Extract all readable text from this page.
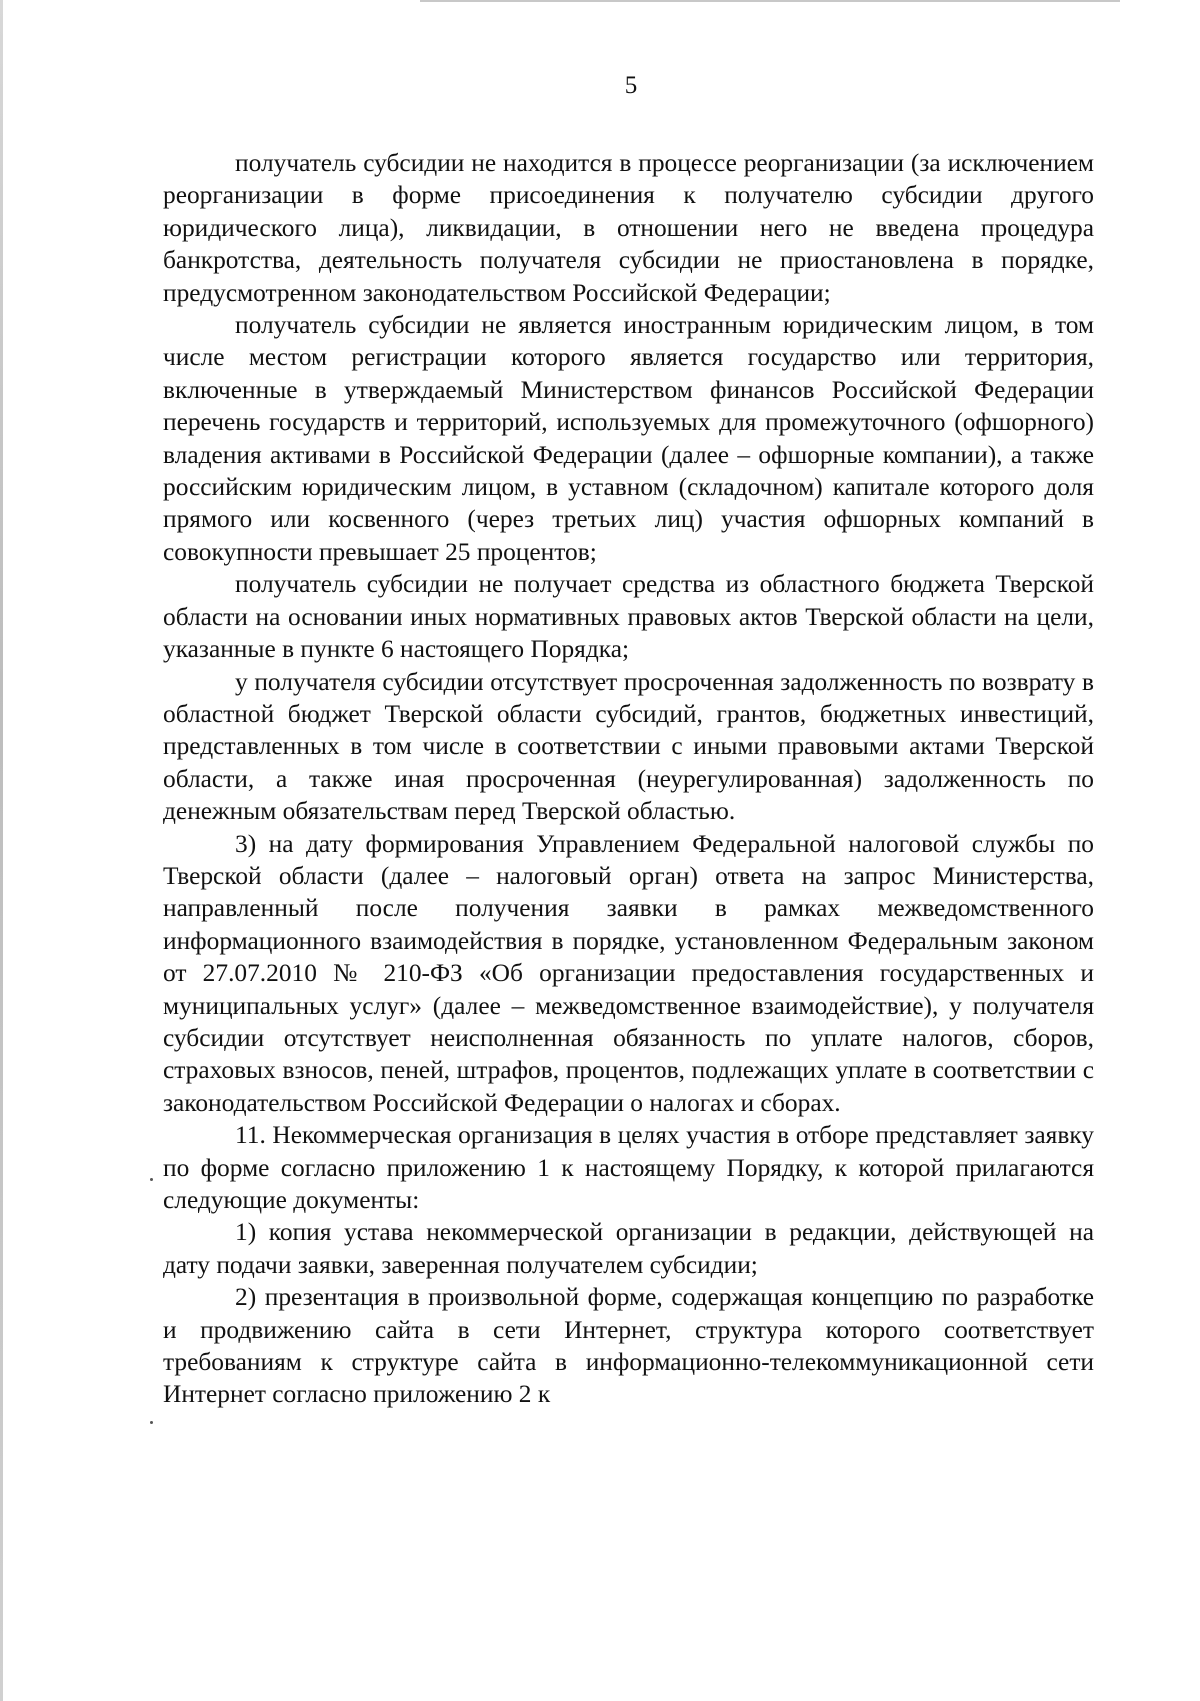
5

получатель субсидии не находится в процессе реорганизации (за исключением реорганизации в форме присоединения к получателю субсидии другого юридического лица), ликвидации, в отношении него не введена процедура банкротства, деятельность получателя субсидии не приостановлена в порядке, предусмотренном законодательством Российской Федерации;

получатель субсидии не является иностранным юридическим лицом, в том числе местом регистрации которого является государство или территория, включенные в утверждаемый Министерством финансов Российской Федерации перечень государств и территорий, используемых для промежуточного (офшорного) владения активами в Российской Федерации (далее – офшорные компании), а также российским юридическим лицом, в уставном (складочном) капитале которого доля прямого или косвенного (через третьих лиц) участия офшорных компаний в совокупности превышает 25 процентов;

получатель субсидии не получает средства из областного бюджета Тверской области на основании иных нормативных правовых актов Тверской области на цели, указанные в пункте 6 настоящего Порядка;

у получателя субсидии отсутствует просроченная задолженность по возврату в областной бюджет Тверской области субсидий, грантов, бюджетных инвестиций, представленных в том числе в соответствии с иными правовыми актами Тверской области, а также иная просроченная (неурегулированная) задолженность по денежным обязательствам перед Тверской областью.

3) на дату формирования Управлением Федеральной налоговой службы по Тверской области (далее – налоговый орган) ответа на запрос Министерства, направленный после получения заявки в рамках межведомственного информационного взаимодействия в порядке, установленном Федеральным законом от 27.07.2010 № 210-ФЗ «Об организации предоставления государственных и муниципальных услуг» (далее – межведомственное взаимодействие), у получателя субсидии отсутствует неисполненная обязанность по уплате налогов, сборов, страховых взносов, пеней, штрафов, процентов, подлежащих уплате в соответствии с законодательством Российской Федерации о налогах и сборах.

11. Некоммерческая организация в целях участия в отборе представляет заявку по форме согласно приложению 1 к настоящему Порядку, к которой прилагаются следующие документы:

1) копия устава некоммерческой организации в редакции, действующей на дату подачи заявки, заверенная получателем субсидии;

2) презентация в произвольной форме, содержащая концепцию по разработке и продвижению сайта в сети Интернет, структура которого соответствует требованиям к структуре сайта в информационно-телекоммуникационной сети Интернет согласно приложению 2 к
